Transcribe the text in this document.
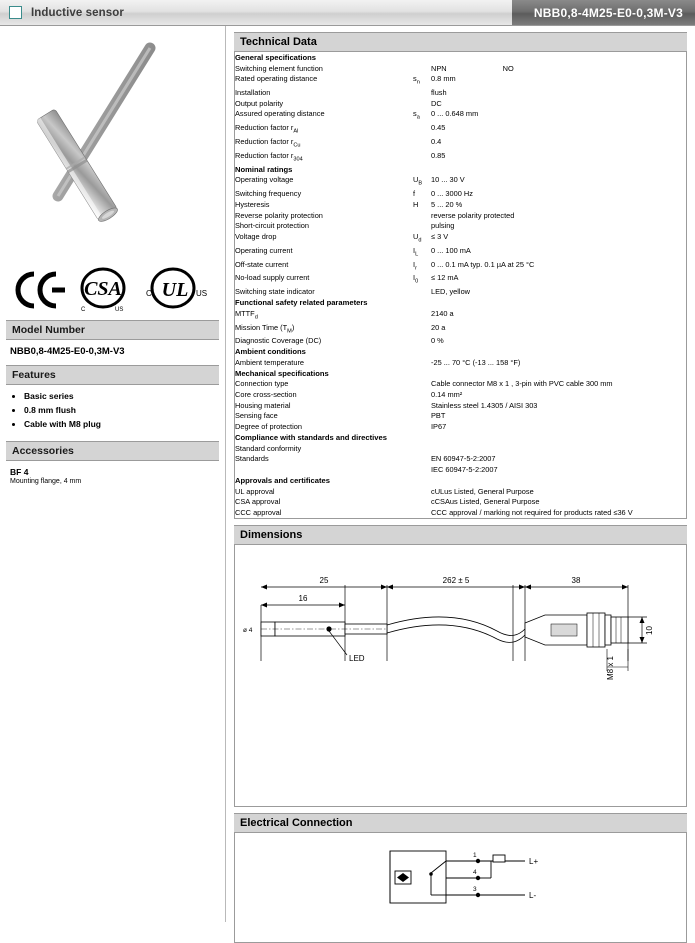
Inductive sensor	NBB0,8-4M25-E0-0,3M-V3
CSA
C	US
UL
C	US
Model Number
NBB0,8-4M25-E0-0,3M-V3
Features
• Basic series
• 0.8 mm flush
• Cable with M8 plug
Accessories
BF 4
Mounting flange, 4 mm
Technical Data
General specifications		
Switching element function		NPN NO
Rated operating distance	$s_n$	0.8 mm
Installation		flush
Output polarity		DC
Assured operating distance	$s_a$	0 ... 0.648 mm
Reduction factor $r_{Al}$		0.45
Reduction factor $r_{Cu}$		0.4
Reduction factor $r_{304}$		0.85
Nominal ratings		
Operating voltage	$U_B$	10 ... 30 V
Switching frequency	f	0 ... 3000 Hz
Hysteresis	H	5 ... 20 %
Reverse polarity protection		reverse polarity protected
Short-circuit protection		pulsing
Voltage drop	$U_d$	≤ 3 V
Operating current	$I_L$	0 ... 100 mA
Off-state current	$I_r$	0 ... 0.1 mA typ. 0.1 µA at 25 °C
No-load supply current	$I_0$	≤ 12 mA
Switching state indicator		LED, yellow
Functional safety related parameters		
$MTTF_d$		2140 a
Mission Time $(T_M)$		20 a
Diagnostic Coverage (DC)		0 %
Ambient conditions		
Ambient temperature		-25 ... 70 °C (-13 ... 158 °F)
Mechanical specifications		
Connection type		Cable connector M8 x 1 , 3-pin with PVC cable 300 mm
Core cross-section		0.14 mm²
Housing material		Stainless steel 1.4305 / AISI 303
Sensing face		PBT
Degree of protection		IP67
Compliance with standards and directives		
Standard conformity		
Standards		EN 60947-5-2:2007
		IEC 60947-5-2:2007
Approvals and certificates		
UL approval		cULus Listed, General Purpose
CSA approval		cCSAus Listed, General Purpose
CCC approval		CCC approval / marking not required for products rated ≤36 V
Dimensions
25
16
262 ± 5	38
ø 4
LED
10
M8 x 1
Electrical Connection
1
4
3
L+
L-
